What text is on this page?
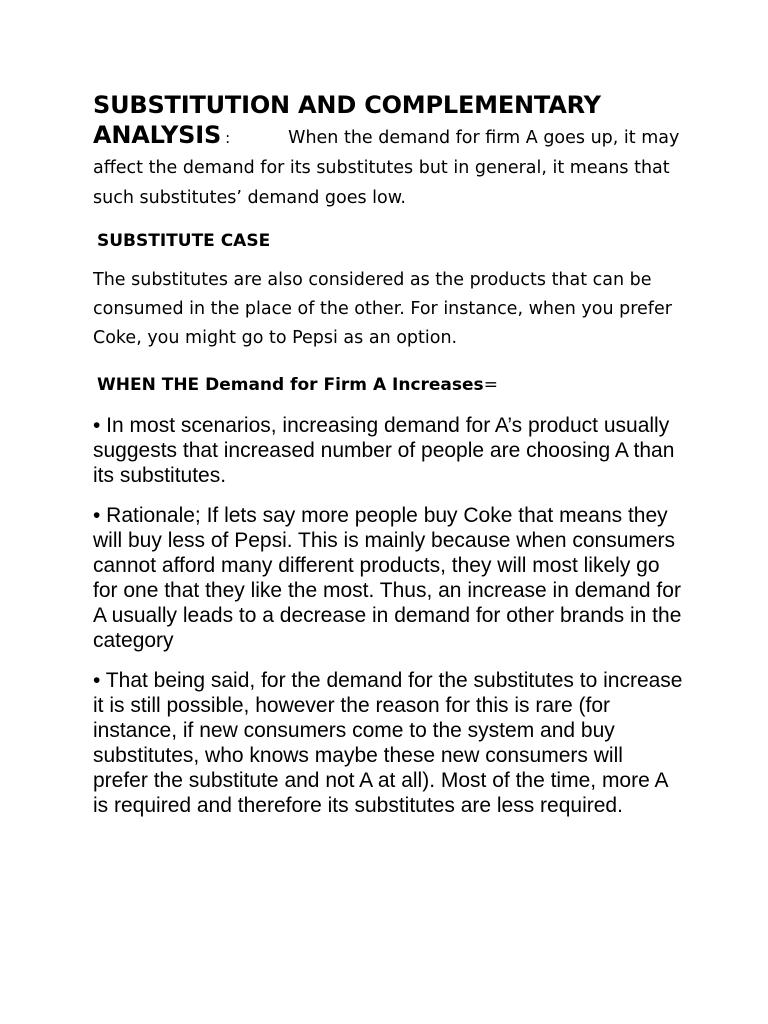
SUBSTITUTION AND COMPLEMENTARY

ANALYSIS :	When the demand for firm A goes up, it may affect the demand for its substitutes but in general, it means that such substitutes’ demand goes low.

SUBSTITUTE CASE

The substitutes are also considered as the products that can be consumed in the place of the other. For instance, when you prefer Coke, you might go to Pepsi as an option.

WHEN THE Demand for Firm A Increases=

• In most scenarios, increasing demand for A’s product usually suggests that increased number of people are choosing A than its substitutes.

• Rationale; If lets say more people buy Coke that means they will buy less of Pepsi. This is mainly because when consumers cannot afford many different products, they will most likely go for one that they like the most. Thus, an increase in demand for A usually leads to a decrease in demand for other brands in the category

• That being said, for the demand for the substitutes to increase it is still possible, however the reason for this is rare (for instance, if new consumers come to the system and buy substitutes, who knows maybe these new consumers will prefer the substitute and not A at all). Most of the time, more A is required and therefore its substitutes are less required.
